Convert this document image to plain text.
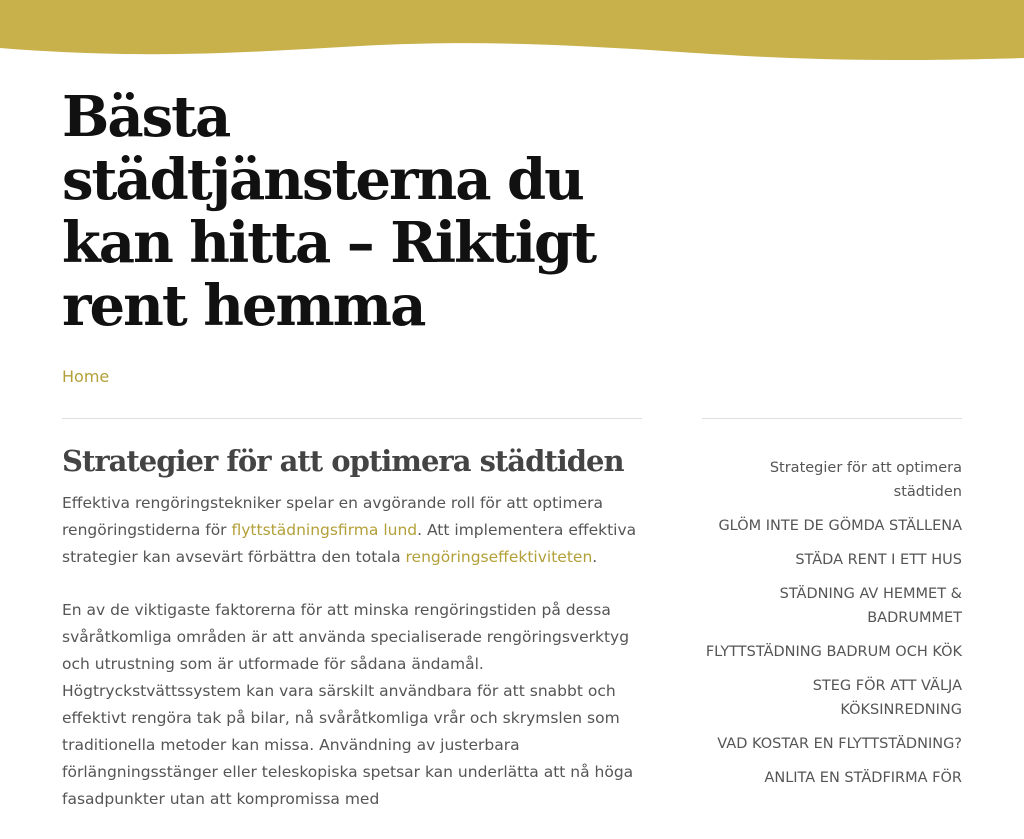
Bästa städtjänsterna du kan hitta – Riktigt rent hemma
Home
Strategier för att optimera städtiden

Effektiva rengöringstekniker spelar en avgörande roll för att optimera rengöringstiderna för flyttstädningsfirma lund. Att implementera effektiva strategier kan avsevärt förbättra den totala rengöringseffektiviteten.

En av de viktigaste faktorerna för att minska rengöringstiden på dessa svåråtkomliga områden är att använda specialiserade rengöringsverktyg och utrustning som är utformade för sådana ändamål. Högtryckstvättssystem kan vara särskilt användbara för att snabbt och effektivt rengöra tak på bilar, nå svåråtkomliga vrår och skrymslen som traditionella metoder kan missa. Användning av justerbara förlängningsstänger eller teleskopiska spetsar kan underlätta att nå höga fasadpunkter utan att kompromissa med

Strategier för att optimera städtiden
GLÖM INTE DE GÖMDA STÄLLENA
STÄDA RENT I ETT HUS
STÄDNING AV HEMMET & BADRUMMET
FLYTTSTÄDNING BADRUM OCH KÖK
STEG FÖR ATT VÄLJA KÖKSINREDNING
VAD KOSTAR EN FLYTTSTÄDNING?
ANLITA EN STÄDFIRMA FÖR
